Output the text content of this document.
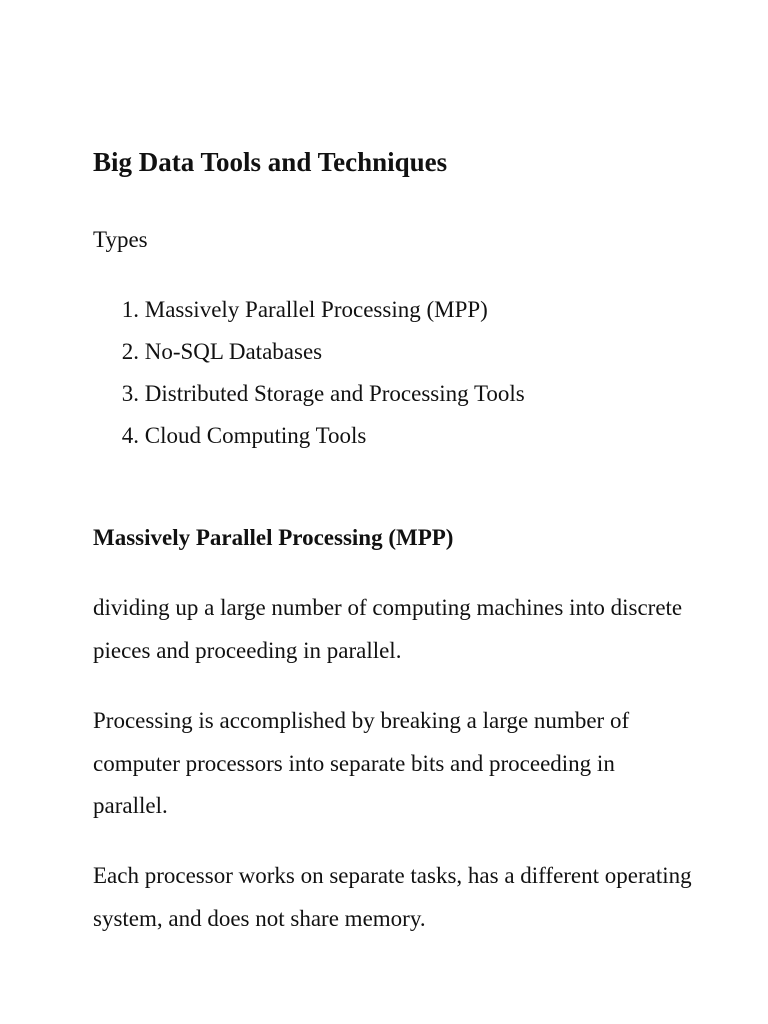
Big Data Tools and Techniques

Types

1. Massively Parallel Processing (MPP)
2. No-SQL Databases
3. Distributed Storage and Processing Tools
4. Cloud Computing Tools
Massively Parallel Processing (MPP)

dividing up a large number of computing machines into discrete pieces and proceeding in parallel.

Processing is accomplished by breaking a large number of computer processors into separate bits and proceeding in parallel.

Each processor works on separate tasks, has a different operating system, and does not share memory.
